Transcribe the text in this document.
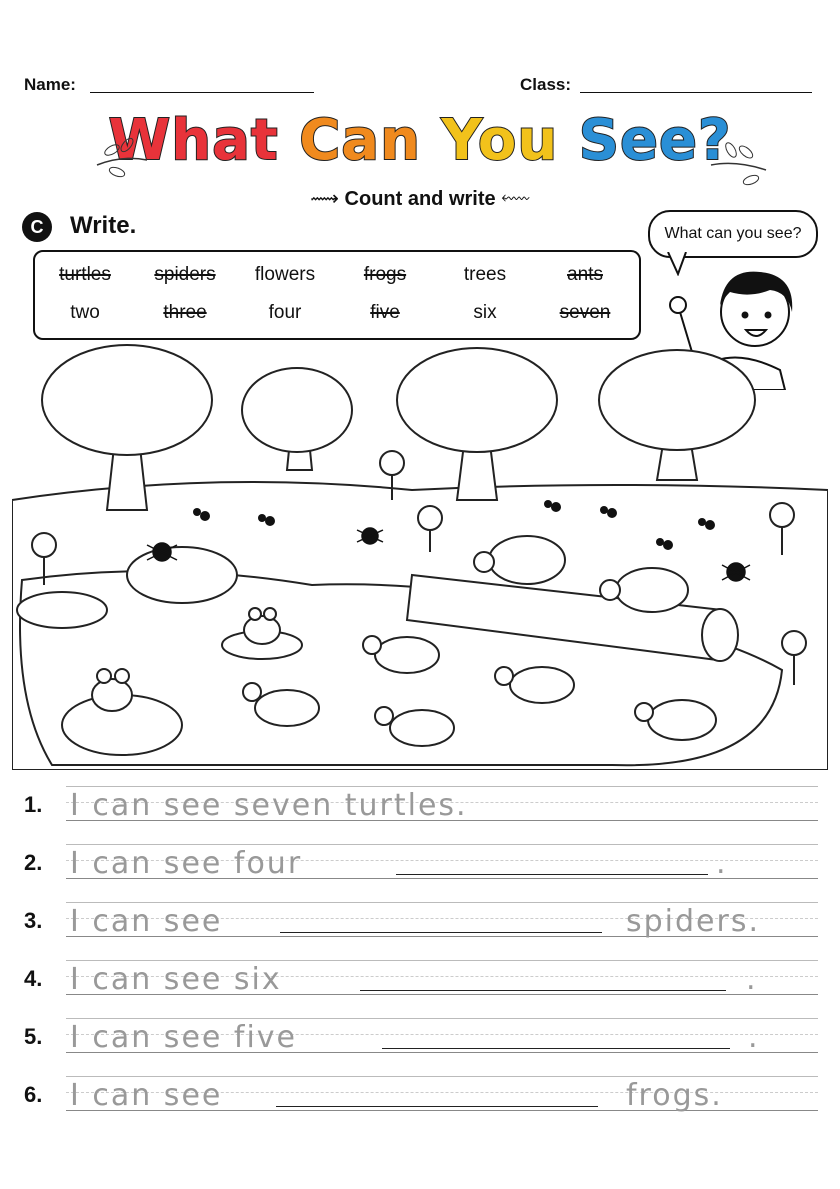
Name:	Class:
What Can You See?
⟿ Count and write ⬳
C	Write.
turtles	spiders	flowers	frogs	trees	ants
two	three	four	five	six	seven
What can you see?
1. I can see seven turtles.
2. I can see four	.
3. I can see	spiders.
4. I can see six	.
5. I can see five	.
6. I can see	frogs.
